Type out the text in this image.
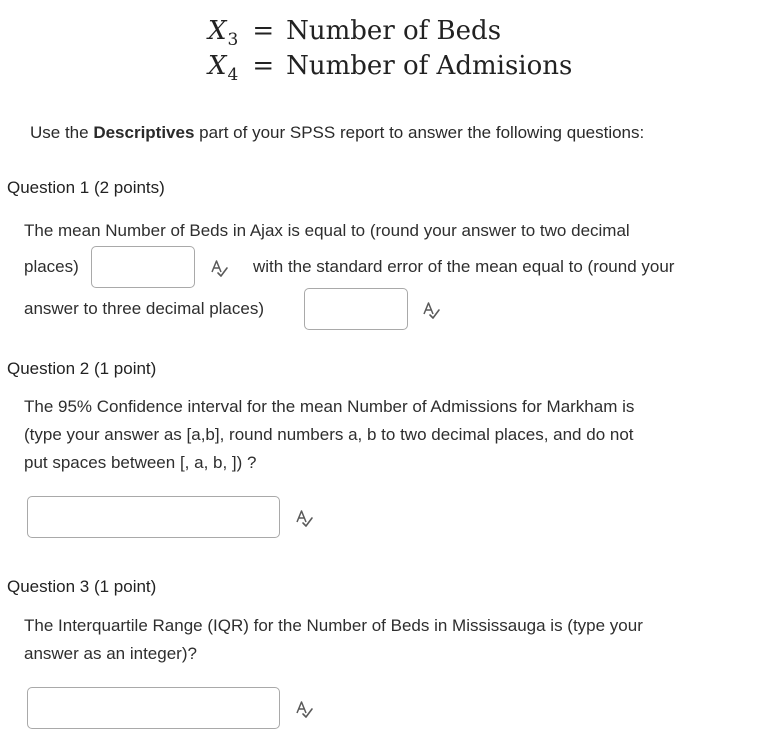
$X_3$ = Number of Beds
$X_4$ = Number of Admisions
Use the Descriptives part of your SPSS report to answer the following questions:
Question 1 (2 points)
The mean Number of Beds in Ajax is equal to (round your answer to two decimal
places)	with the standard error of the mean equal to (round your
answer to three decimal places)
Question 2 (1 point)
The 95% Confidence interval for the mean Number of Admissions for Markham is
(type your answer as [a,b], round numbers a, b to two decimal places, and do not
put spaces between [, a, b, ]) ?
Question 3 (1 point)
The Interquartile Range (IQR) for the Number of Beds in Mississauga is (type your
answer as an integer)?
